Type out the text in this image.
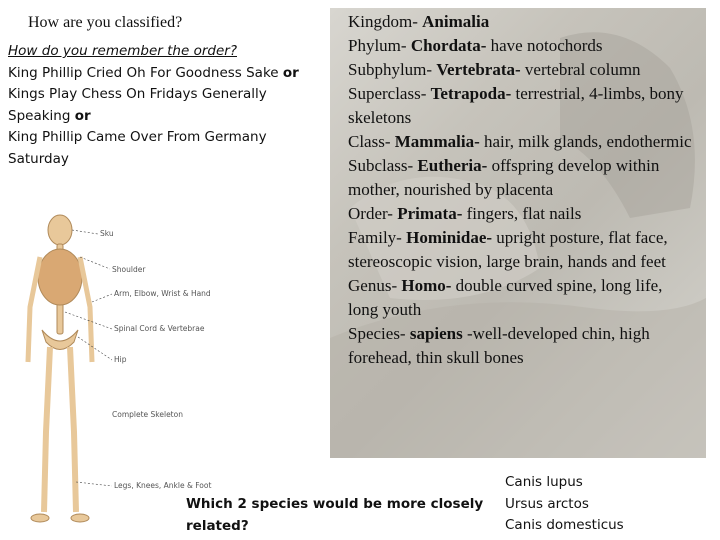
How are you classified?
How do you remember the order?
King Phillip Cried Oh For Goodness Sake or
Kings Play Chess On Fridays Generally Speaking or
King Phillip Came Over From Germany Saturday
Sku
Shoulder
Arm, Elbow, Wrist & Hand
Spinal Cord & Vertebrae
Hip
Complete Skeleton
Legs, Knees, Ankle & Foot
Kingdom- Animalia
Phylum- Chordata- have notochords
Subphylum- Vertebrata- vertebral column
Superclass- Tetrapoda- terrestrial, 4-limbs, bony skeletons
Class- Mammalia- hair, milk glands, endothermic
Subclass- Eutheria- offspring develop within mother, nourished by placenta
Order- Primata- fingers, flat nails
Family- Hominidae- upright posture, flat face, stereoscopic vision, large brain, hands and feet
Genus- Homo- double curved spine, long life, long youth
Species- sapiens -well-developed chin, high forehead, thin skull bones
Which 2 species would be more closely related?
Canis lupus
Ursus arctos
Canis domesticus
